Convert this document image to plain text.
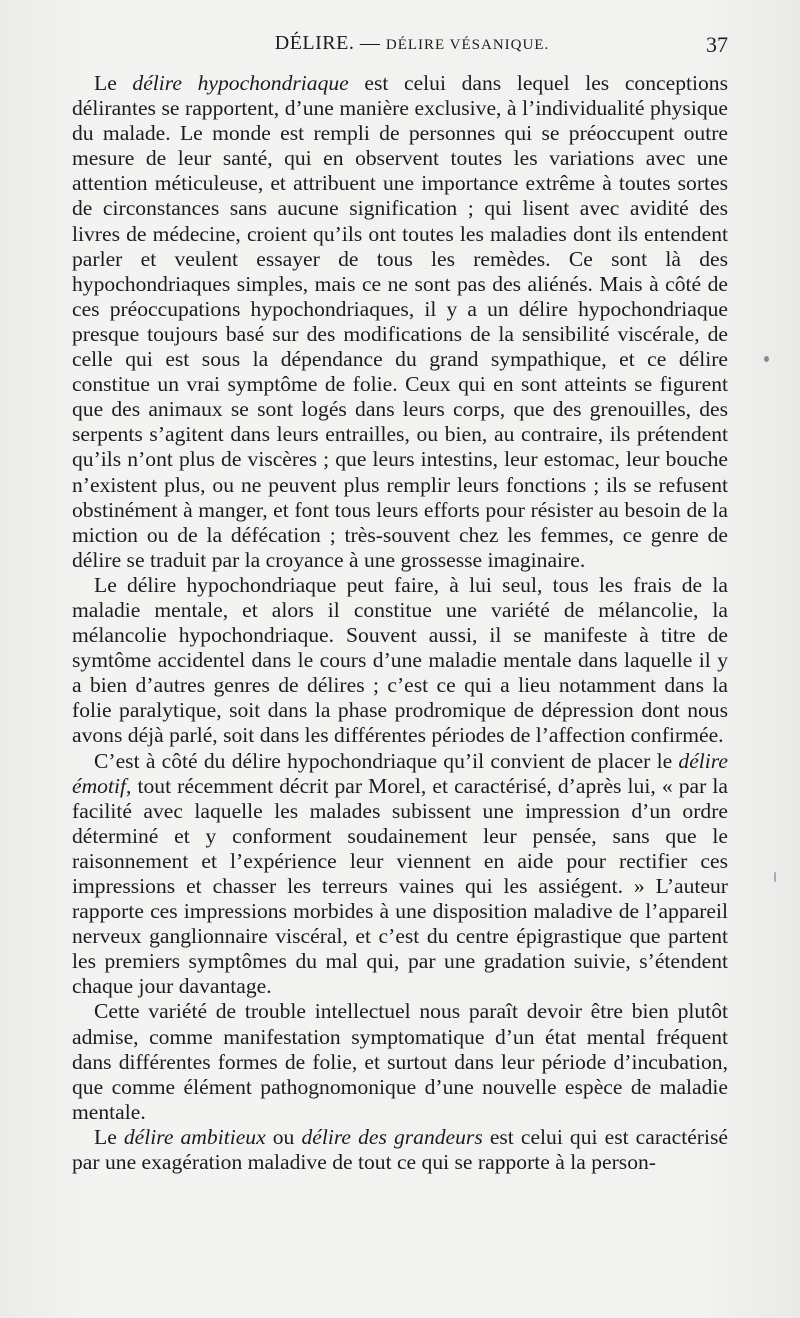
DÉLIRE. — DÉLIRE VÉSANIQUE.	37

Le délire hypochondriaque est celui dans lequel les conceptions délirantes se rapportent, d’une manière exclusive, à l’individualité physique du malade. Le monde est rempli de personnes qui se préoccupent outre mesure de leur santé, qui en observent toutes les variations avec une attention méticuleuse, et attribuent une importance extrême à toutes sortes de circonstances sans aucune signification ; qui lisent avec avidité des livres de médecine, croient qu’ils ont toutes les maladies dont ils entendent parler et veulent essayer de tous les remèdes. Ce sont là des hypochondriaques simples, mais ce ne sont pas des aliénés. Mais à côté de ces préoccupations hypochondriaques, il y a un délire hypochondriaque presque toujours basé sur des modifications de la sensibilité viscérale, de celle qui est sous la dépendance du grand sympathique, et ce délire constitue un vrai symptôme de folie. Ceux qui en sont atteints se figurent que des animaux se sont logés dans leurs corps, que des grenouilles, des serpents s’agitent dans leurs entrailles, ou bien, au contraire, ils prétendent qu’ils n’ont plus de viscères ; que leurs intestins, leur estomac, leur bouche n’existent plus, ou ne peuvent plus remplir leurs fonctions ; ils se refusent obstinément à manger, et font tous leurs efforts pour résister au besoin de la miction ou de la défécation ; très-souvent chez les femmes, ce genre de délire se traduit par la croyance à une grossesse imaginaire.

Le délire hypochondriaque peut faire, à lui seul, tous les frais de la maladie mentale, et alors il constitue une variété de mélancolie, la mélancolie hypochondriaque. Souvent aussi, il se manifeste à titre de symtôme accidentel dans le cours d’une maladie mentale dans laquelle il y a bien d’autres genres de délires ; c’est ce qui a lieu notamment dans la folie paralytique, soit dans la phase prodromique de dépression dont nous avons déjà parlé, soit dans les différentes périodes de l’affection confirmée.

C’est à côté du délire hypochondriaque qu’il convient de placer le délire émotif, tout récemment décrit par Morel, et caractérisé, d’après lui, « par la facilité avec laquelle les malades subissent une impression d’un ordre déterminé et y conforment soudainement leur pensée, sans que le raisonnement et l’expérience leur viennent en aide pour rectifier ces impressions et chasser les terreurs vaines qui les assiégent. » L’auteur rapporte ces impressions morbides à une disposition maladive de l’appareil nerveux ganglionnaire viscéral, et c’est du centre épigrastique que partent les premiers symptômes du mal qui, par une gradation suivie, s’étendent chaque jour davantage.

Cette variété de trouble intellectuel nous paraît devoir être bien plutôt admise, comme manifestation symptomatique d’un état mental fréquent dans différentes formes de folie, et surtout dans leur période d’incubation, que comme élément pathognomonique d’une nouvelle espèce de maladie mentale.

Le délire ambitieux ou délire des grandeurs est celui qui est caractérisé par une exagération maladive de tout ce qui se rapporte à la person-
